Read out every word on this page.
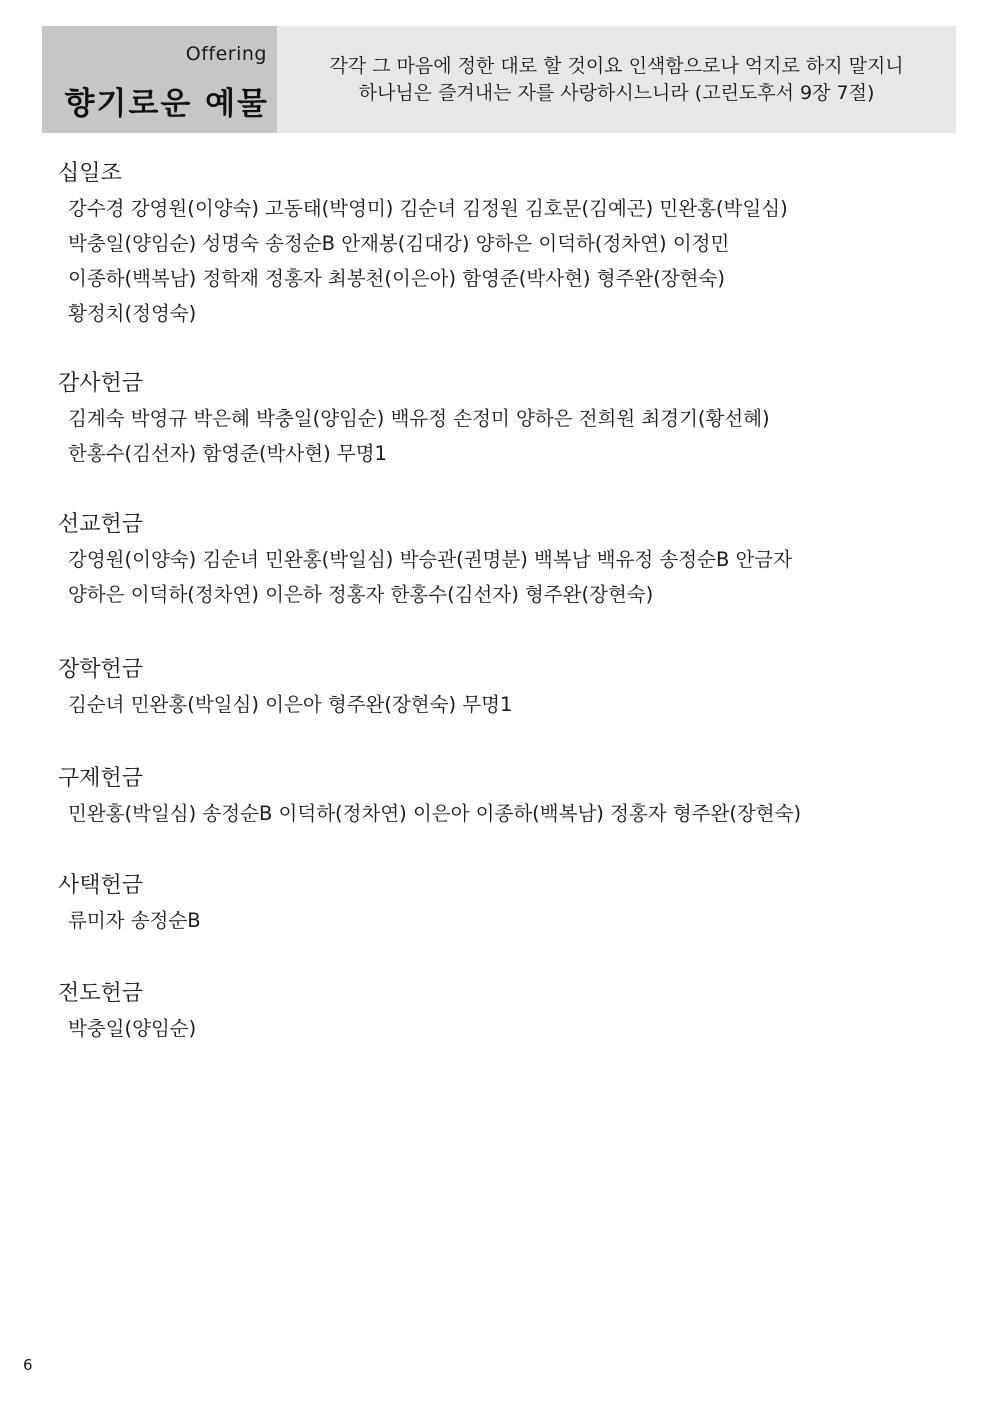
Offering
향기로운 예물
각각 그 마음에 정한 대로 할 것이요 인색함으로나 억지로 하지 말지니
하나님은 즐겨내는 자를 사랑하시느니라 (고린도후서 9장 7절)
십일조
강수경 강영원(이양숙) 고동태(박영미) 김순녀 김정원 김호문(김예곤) 민완홍(박일심)
박충일(양임순) 성명숙 송정순B 안재봉(김대강) 양하은 이덕하(정차연) 이정민
이종하(백복남) 정학재 정홍자 최봉천(이은아) 함영준(박사현) 형주완(장현숙)
황정치(정영숙)
감사헌금
김계숙 박영규 박은혜 박충일(양임순) 백유정 손정미 양하은 전희원 최경기(황선혜)
한홍수(김선자) 함영준(박사현) 무명1
선교헌금
강영원(이양숙) 김순녀 민완홍(박일심) 박승관(권명분) 백복남 백유정 송정순B 안금자
양하은 이덕하(정차연) 이은하 정홍자 한홍수(김선자) 형주완(장현숙)
장학헌금
김순녀 민완홍(박일심) 이은아 형주완(장현숙) 무명1
구제헌금
민완홍(박일심) 송정순B 이덕하(정차연) 이은아 이종하(백복남) 정홍자 형주완(장현숙)
사택헌금
류미자 송정순B
전도헌금
박충일(양임순)
6
